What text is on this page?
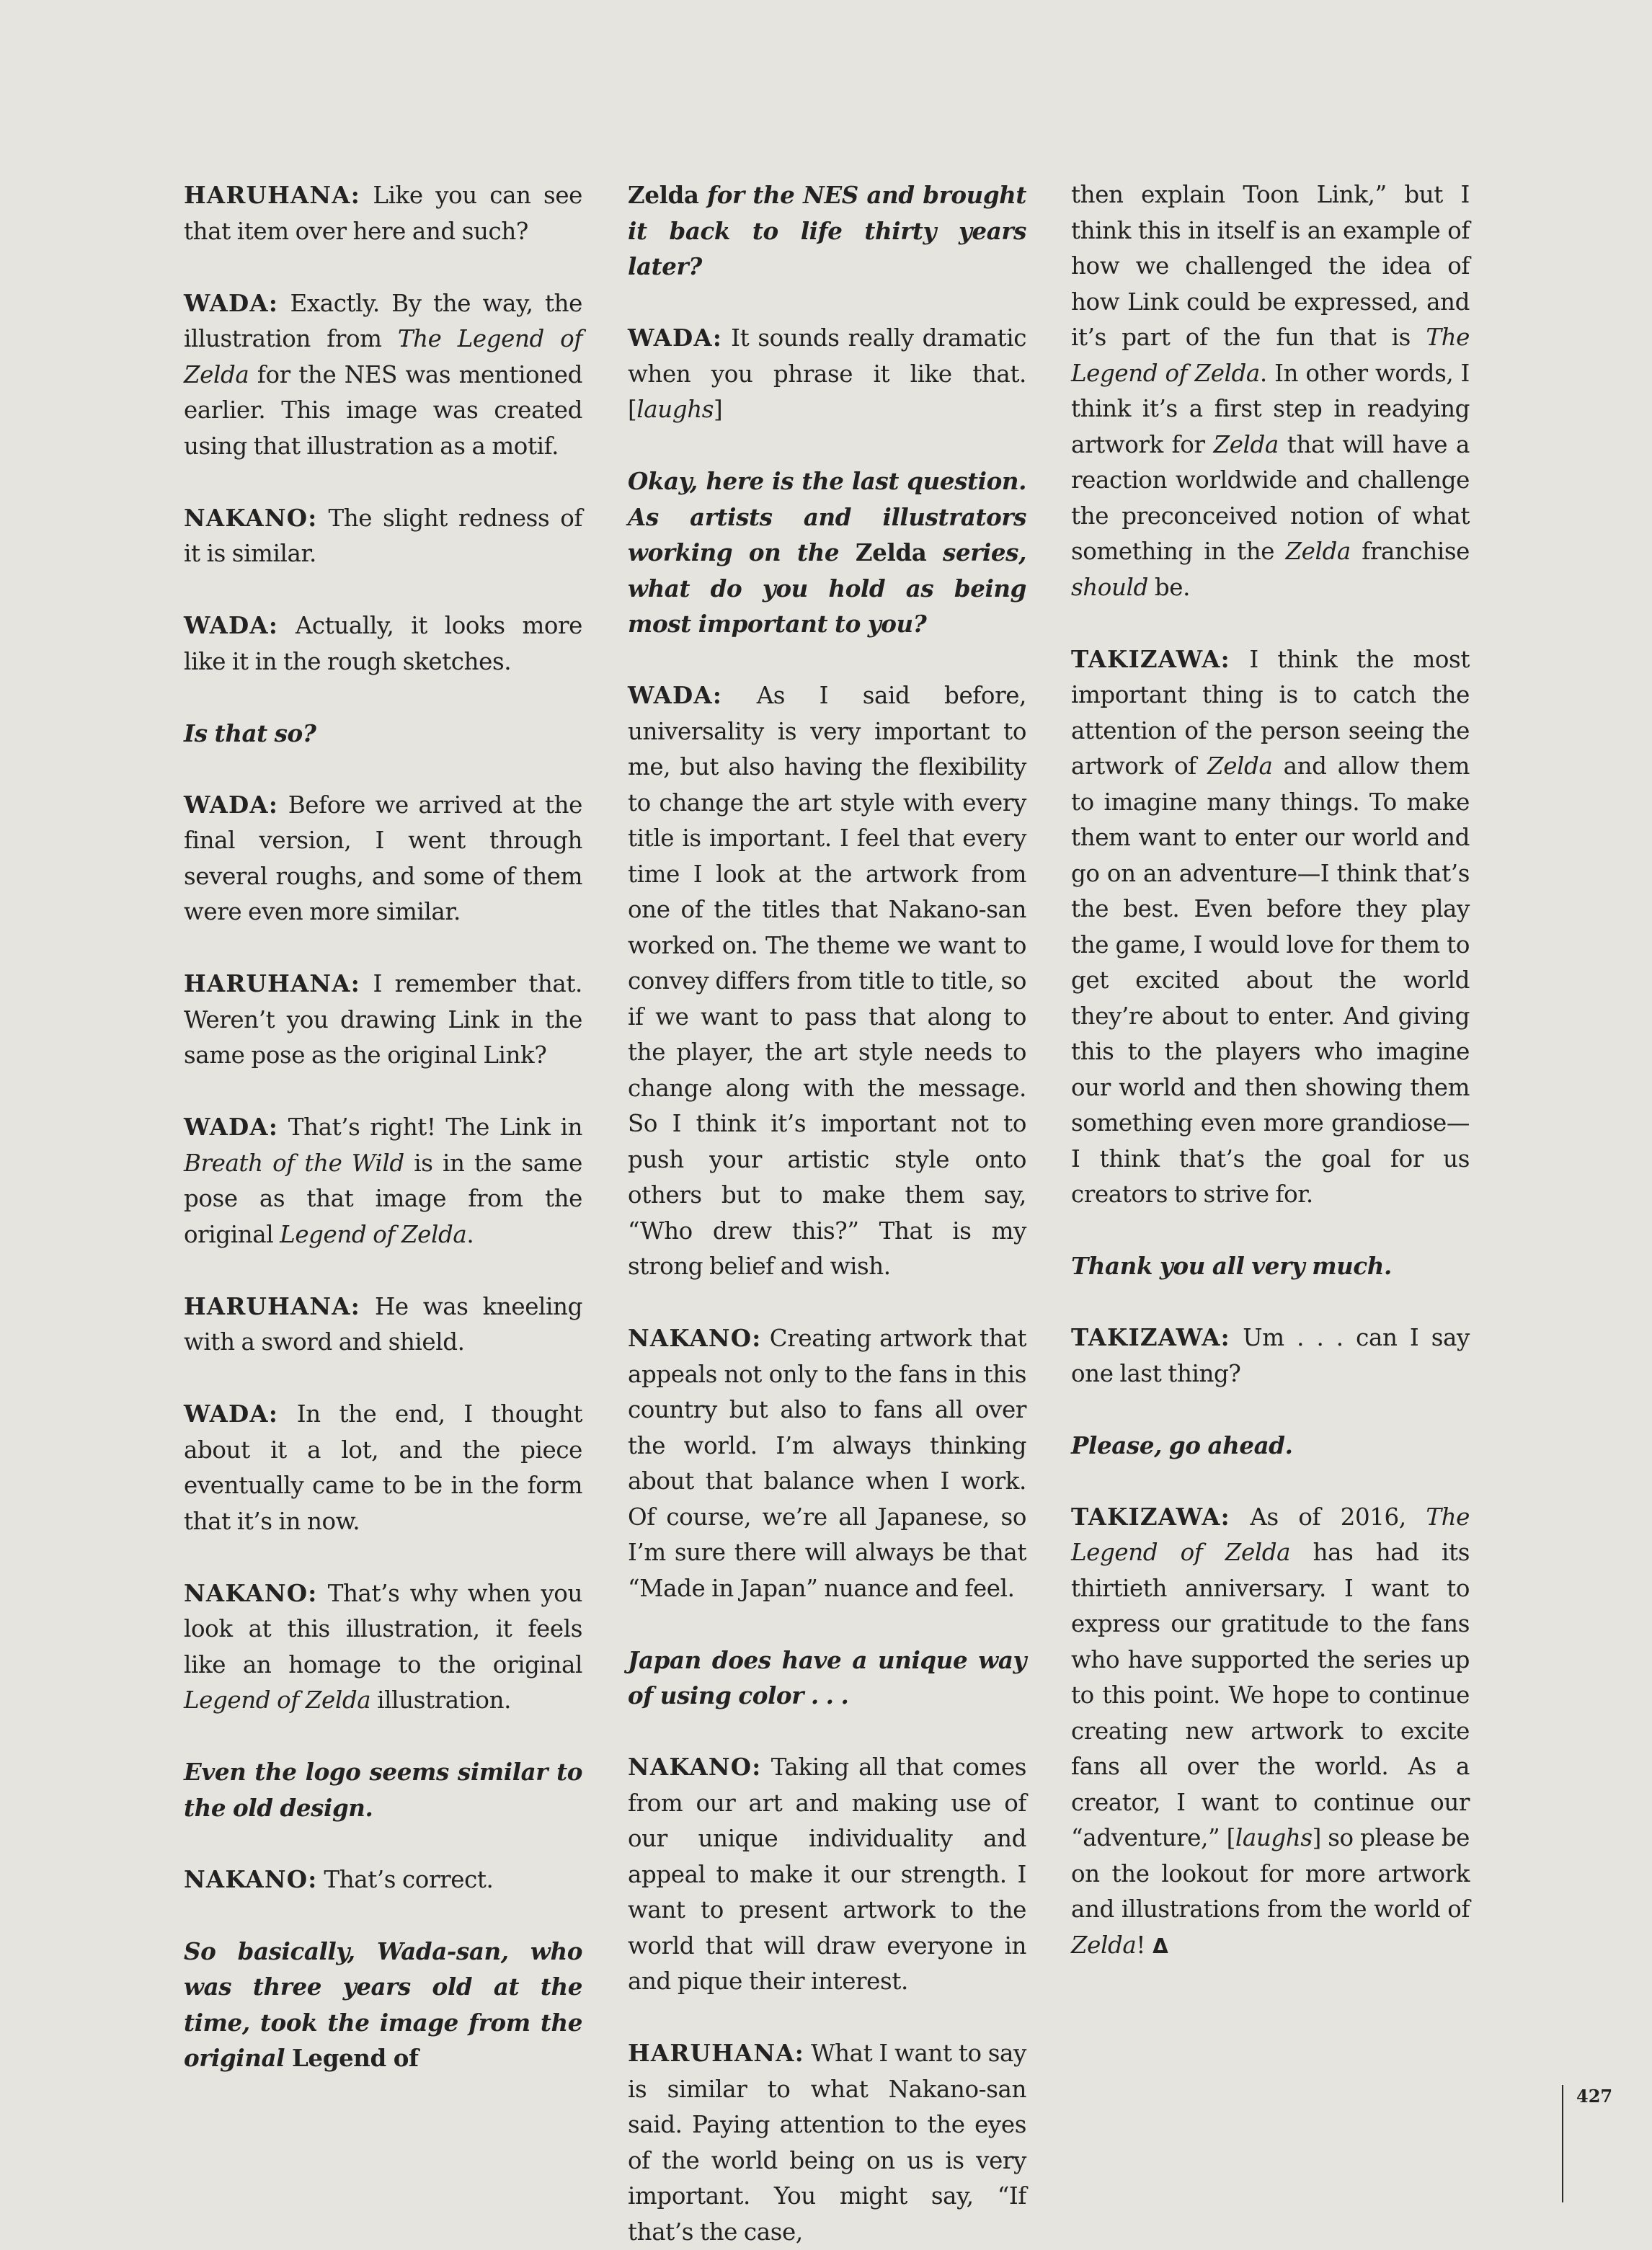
HARUHANA: Like you can see that item over here and such?

WADA: Exactly. By the way, the illustration from The Legend of Zelda for the NES was mentioned earlier. This image was created using that illustration as a motif.

NAKANO: The slight redness of it is similar.

WADA: Actually, it looks more like it in the rough sketches.

Is that so?

WADA: Before we arrived at the final version, I went through several roughs, and some of them were even more similar.

HARUHANA: I remember that. Weren’t you drawing Link in the same pose as the original Link?

WADA: That’s right! The Link in Breath of the Wild is in the same pose as that image from the original Legend of Zelda.

HARUHANA: He was kneeling with a sword and shield.

WADA: In the end, I thought about it a lot, and the piece eventually came to be in the form that it’s in now.

NAKANO: That’s why when you look at this illustration, it feels like an homage to the original Legend of Zelda illustration.

Even the logo seems similar to the old design.

NAKANO: That’s correct.

So basically, Wada-san, who was three years old at the time, took the image from the original Legend of

Zelda for the NES and brought it back to life thirty years later?

WADA: It sounds really dramatic when you phrase it like that. [laughs]

Okay, here is the last question. As artists and illustrators working on the Zelda series, what do you hold as being most important to you?

WADA: As I said before, universality is very important to me, but also having the flexibility to change the art style with every title is important. I feel that every time I look at the artwork from one of the titles that Nakano-san worked on. The theme we want to convey differs from title to title, so if we want to pass that along to the player, the art style needs to change along with the message. So I think it’s important not to push your artistic style onto others but to make them say, “Who drew this?” That is my strong belief and wish.

NAKANO: Creating artwork that appeals not only to the fans in this country but also to fans all over the world. I’m always thinking about that balance when I work. Of course, we’re all Japanese, so I’m sure there will always be that “Made in Japan” nuance and feel.

Japan does have a unique way of using color . . .

NAKANO: Taking all that comes from our art and making use of our unique individuality and appeal to make it our strength. I want to present artwork to the world that will draw everyone in and pique their interest.

HARUHANA: What I want to say is similar to what Nakano-san said. Paying attention to the eyes of the world being on us is very important. You might say, “If that’s the case,

then explain Toon Link,” but I think this in itself is an example of how we challenged the idea of how Link could be expressed, and it’s part of the fun that is The Legend of Zelda. In other words, I think it’s a first step in readying artwork for Zelda that will have a reaction worldwide and challenge the preconceived notion of what something in the Zelda franchise should be.

TAKIZAWA: I think the most important thing is to catch the attention of the person seeing the artwork of Zelda and allow them to imagine many things. To make them want to enter our world and go on an adventure—I think that’s the best. Even before they play the game, I would love for them to get excited about the world they’re about to enter. And giving this to the players who imagine our world and then showing them something even more grandiose—I think that’s the goal for us creators to strive for.

Thank you all very much.

TAKIZAWA: Um . . . can I say one last thing?

Please, go ahead.

TAKIZAWA: As of 2016, The Legend of Zelda has had its thirtieth anniversary. I want to express our gratitude to the fans who have supported the series up to this point. We hope to continue creating new artwork to excite fans all over the world. As a creator, I want to continue our “adventure,” [laughs] so please be on the lookout for more artwork and illustrations from the world of Zelda! Δ

427
